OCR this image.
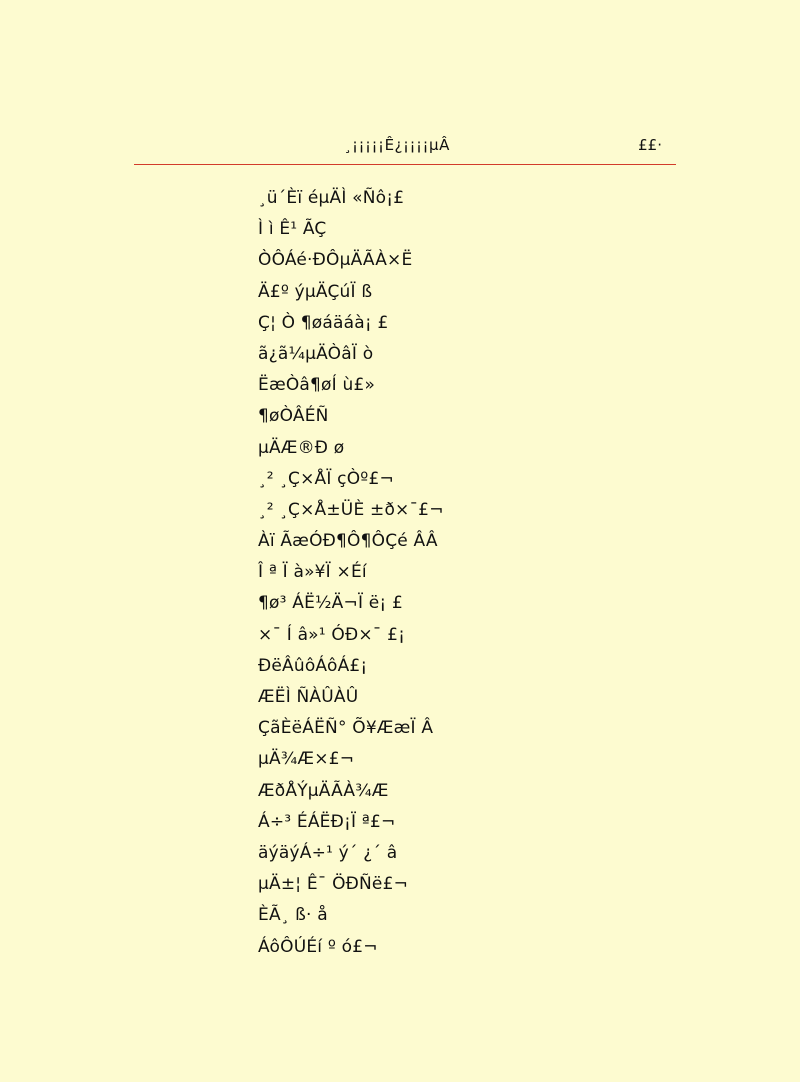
¸¡¡¡¡¡Ê¿¡¡¡¡µÂ	££·
¸ü´Èï éµÄÌ «Ñô¡£
Ì ì Ê¹ ÃÇ
ÒÔÁé·ÐÔµÄÃÀ×Ë
Ä£º ýµÄÇúÏ ß
Ç¦ Ò ¶øáäáà¡ £
ã¿ã¼µÄÒâÏ ò
ËæÒâ¶øÍ ù£»
¶øÒÂÉÑ
µÄÆ®Ð ø
¸² ¸Ç×ÅÏ çÒº£¬
¸² ¸Ç×Å±ÜÈ ±ð×¯£¬
Àï ÃæÓÐ¶Ô¶ÔÇé ÂÂ
Î ª Ï à»¥Ï ×Éí
¶ø³ ÁË½Ä¬Ï ë¡ £
×¯ Í â»¹ ÓÐ×¯ £¡
ÐëÂûôÁôÁ£¡
ÆËÌ ÑÀÛÀÛ
ÇãÈëÁËÑ° Õ¥ÆæÏ Â
µÄ¾Æ×£¬
ÆðÅÝµÄÃÀ¾Æ
Á÷³ ÉÁËÐ¡Ï ª£¬
äýäýÁ÷¹ ý´ ¿´ â
µÄ±¦ Ê¯ ÖÐÑë£¬
ÈÃ¸ ß· å
ÁôÔÚÉí º ó£¬
